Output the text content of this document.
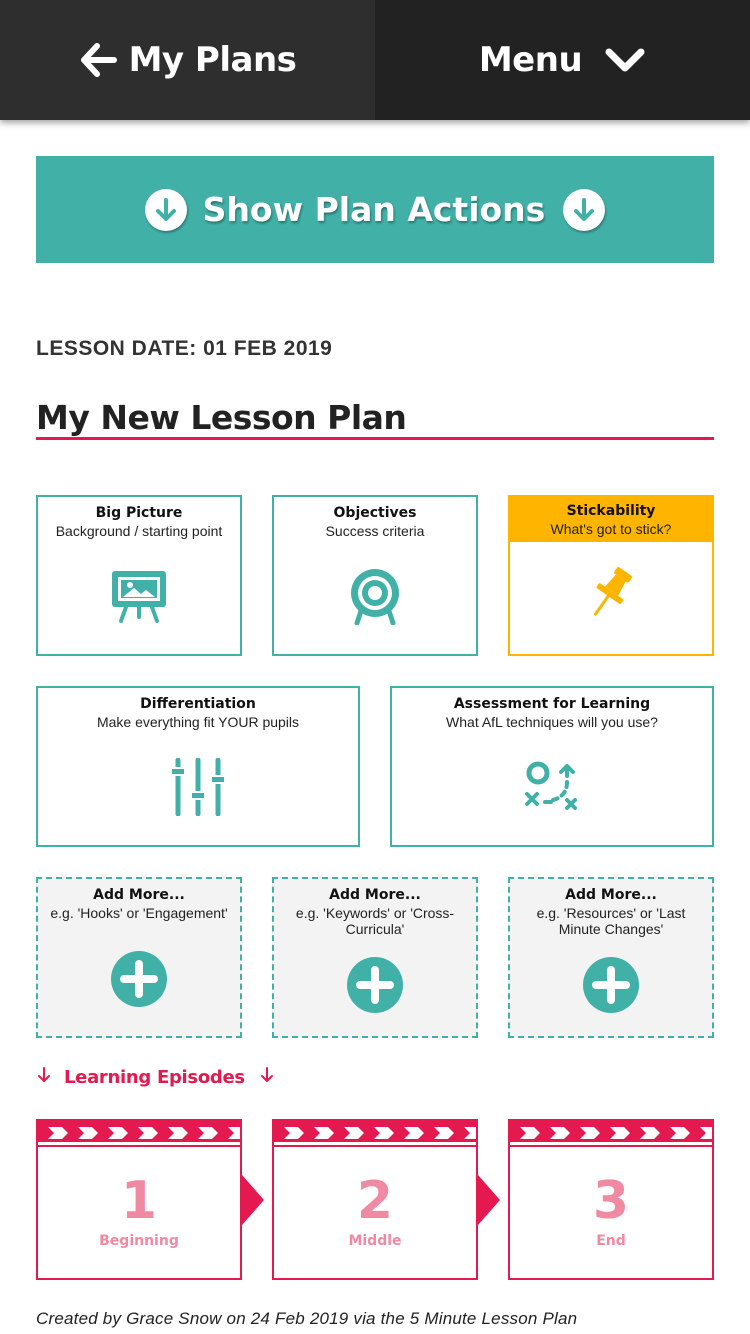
My Plans	Menu
Show Plan Actions
LESSON DATE: 01 FEB 2019
My New Lesson Plan
Big Picture
Background / starting point
Objectives
Success criteria
Stickability
What's got to stick?
Differentiation
Make everything fit YOUR pupils
Assessment for Learning
What AfL techniques will you use?
Add More...
e.g. 'Hooks' or 'Engagement'
Add More...
e.g. 'Keywords' or 'Cross-Curricula'
Add More...
e.g. 'Resources' or 'Last Minute Changes'
Learning Episodes
1
Beginning
2
Middle
3
End
Created by Grace Snow on 24 Feb 2019 via the 5 Minute Lesson Plan
